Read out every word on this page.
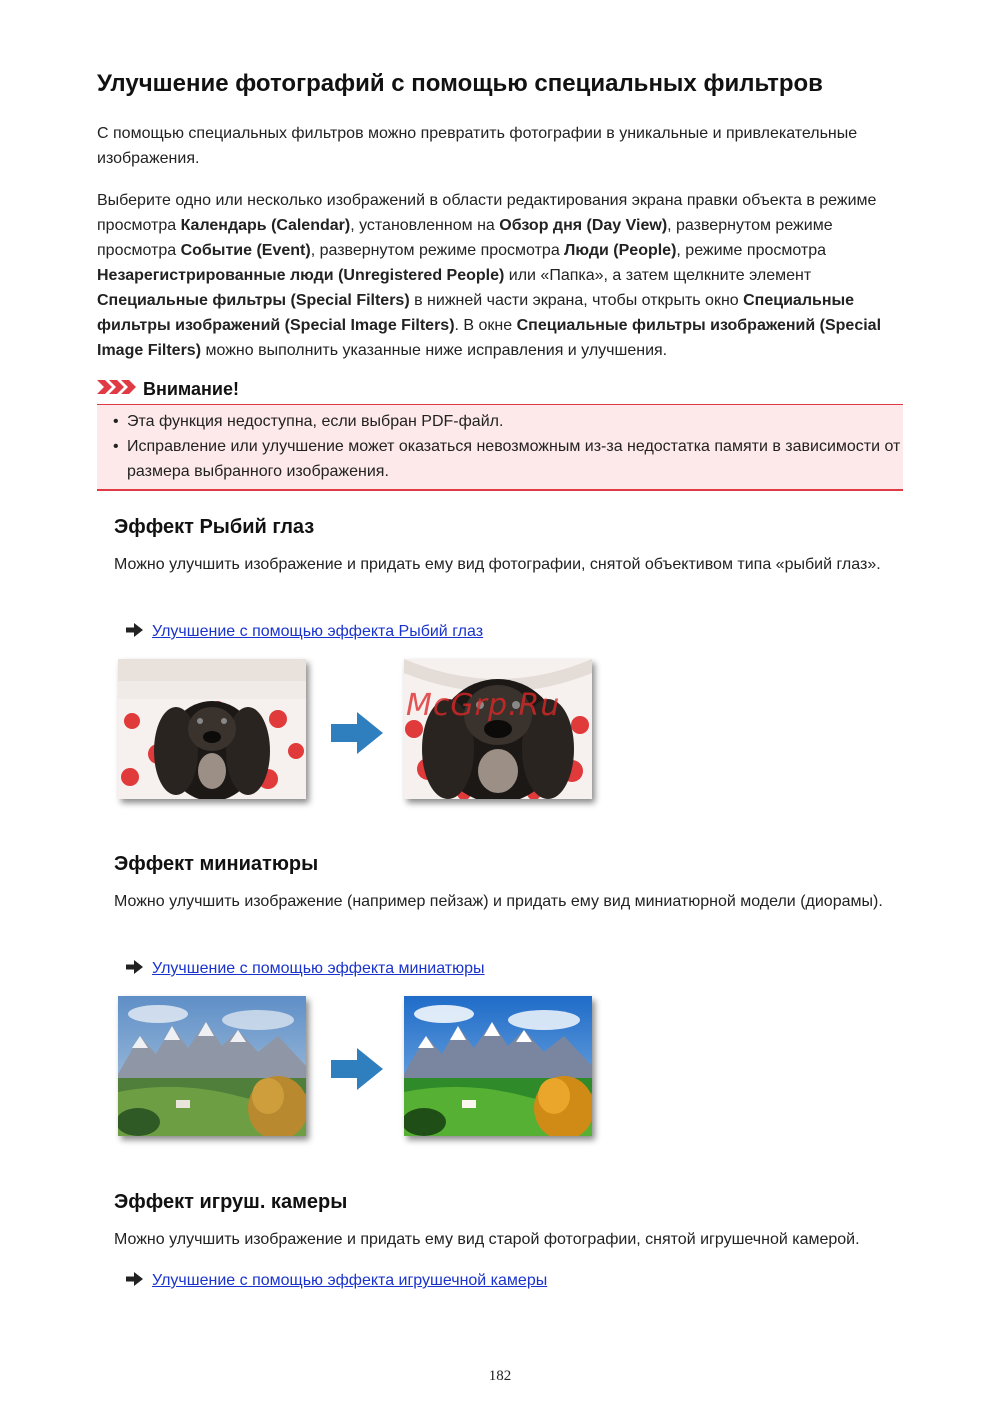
Улучшение фотографий с помощью специальных фильтров

С помощью специальных фильтров можно превратить фотографии в уникальные и привлекательные изображения.

Выберите одно или несколько изображений в области редактирования экрана правки объекта в режиме просмотра Календарь (Calendar), установленном на Обзор дня (Day View), развернутом режиме просмотра Событие (Event), развернутом режиме просмотра Люди (People), режиме просмотра Незарегистрированные люди (Unregistered People) или «Папка», а затем щелкните элемент Специальные фильтры (Special Filters) в нижней части экрана, чтобы открыть окно Специальные фильтры изображений (Special Image Filters). В окне Специальные фильтры изображений (Special Image Filters) можно выполнить указанные ниже исправления и улучшения.

Внимание!
• Эта функция недоступна, если выбран PDF-файл.
• Исправление или улучшение может оказаться невозможным из-за недостатка памяти в зависимости от размера выбранного изображения.
Эффект Рыбий глаз

Можно улучшить изображение и придать ему вид фотографии, снятой объективом типа «рыбий глаз».

Улучшение с помощью эффекта Рыбий глаз
McGrp.Ru
Эффект миниатюры

Можно улучшить изображение (например пейзаж) и придать ему вид миниатюрной модели (диорамы).

Улучшение с помощью эффекта миниатюры
Эффект игруш. камеры

Можно улучшить изображение и придать ему вид старой фотографии, снятой игрушечной камерой.

Улучшение с помощью эффекта игрушечной камеры
182
